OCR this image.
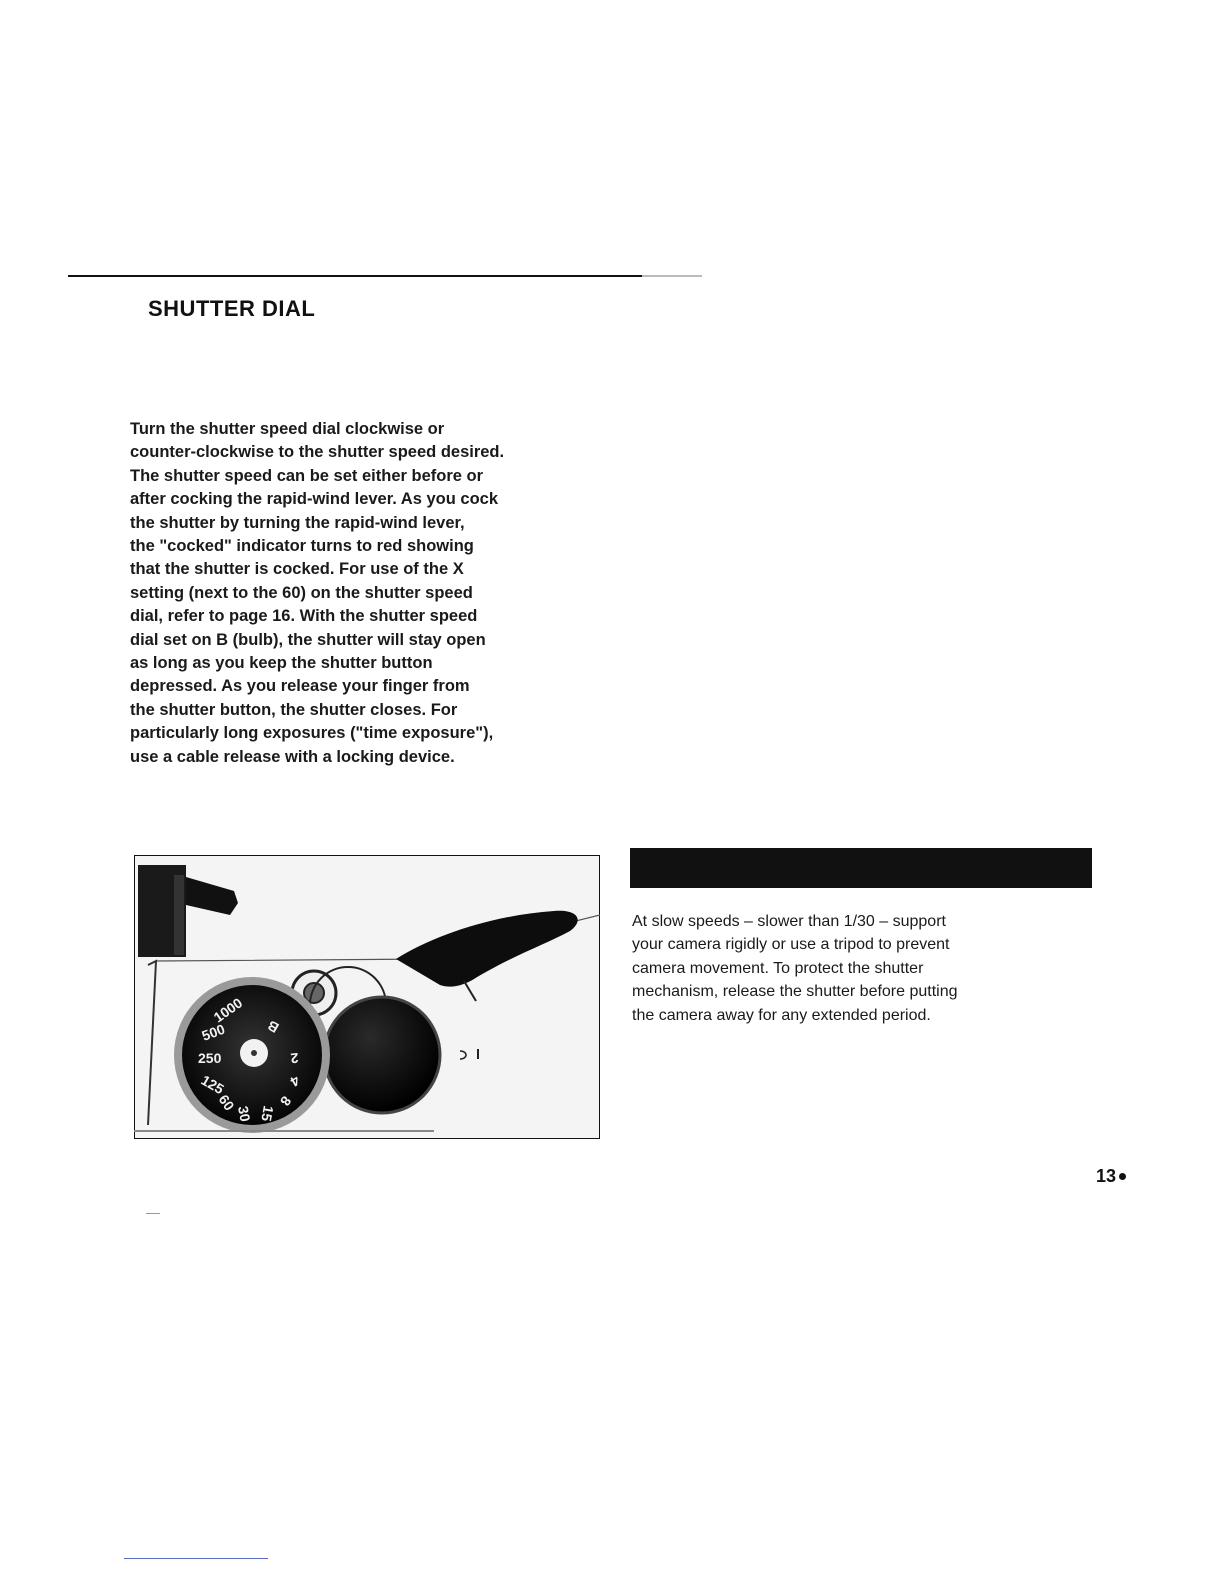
SHUTTER DIAL

Turn the shutter speed dial clockwise or
counter-clockwise to the shutter speed desired.
The shutter speed can be set either before or
after cocking the rapid-wind lever. As you cock
the shutter by turning the rapid-wind lever,
the "cocked" indicator turns to red showing
that the shutter is cocked. For use of the X
setting (next to the 60) on the shutter speed
dial, refer to page 16. With the shutter speed
dial set on B (bulb), the shutter will stay open
as long as you keep the shutter button
depressed. As you release your finger from
the shutter button, the shutter closes. For
particularly long exposures ("time exposure"),
use a cable release with a locking device.

1000
500
250
125
60
30 15
8
4
2
B

At slow speeds – slower than 1/30 – support
your camera rigidly or use a tripod to prevent
camera movement. To protect the shutter
mechanism, release the shutter before putting
the camera away for any extended period.

13
